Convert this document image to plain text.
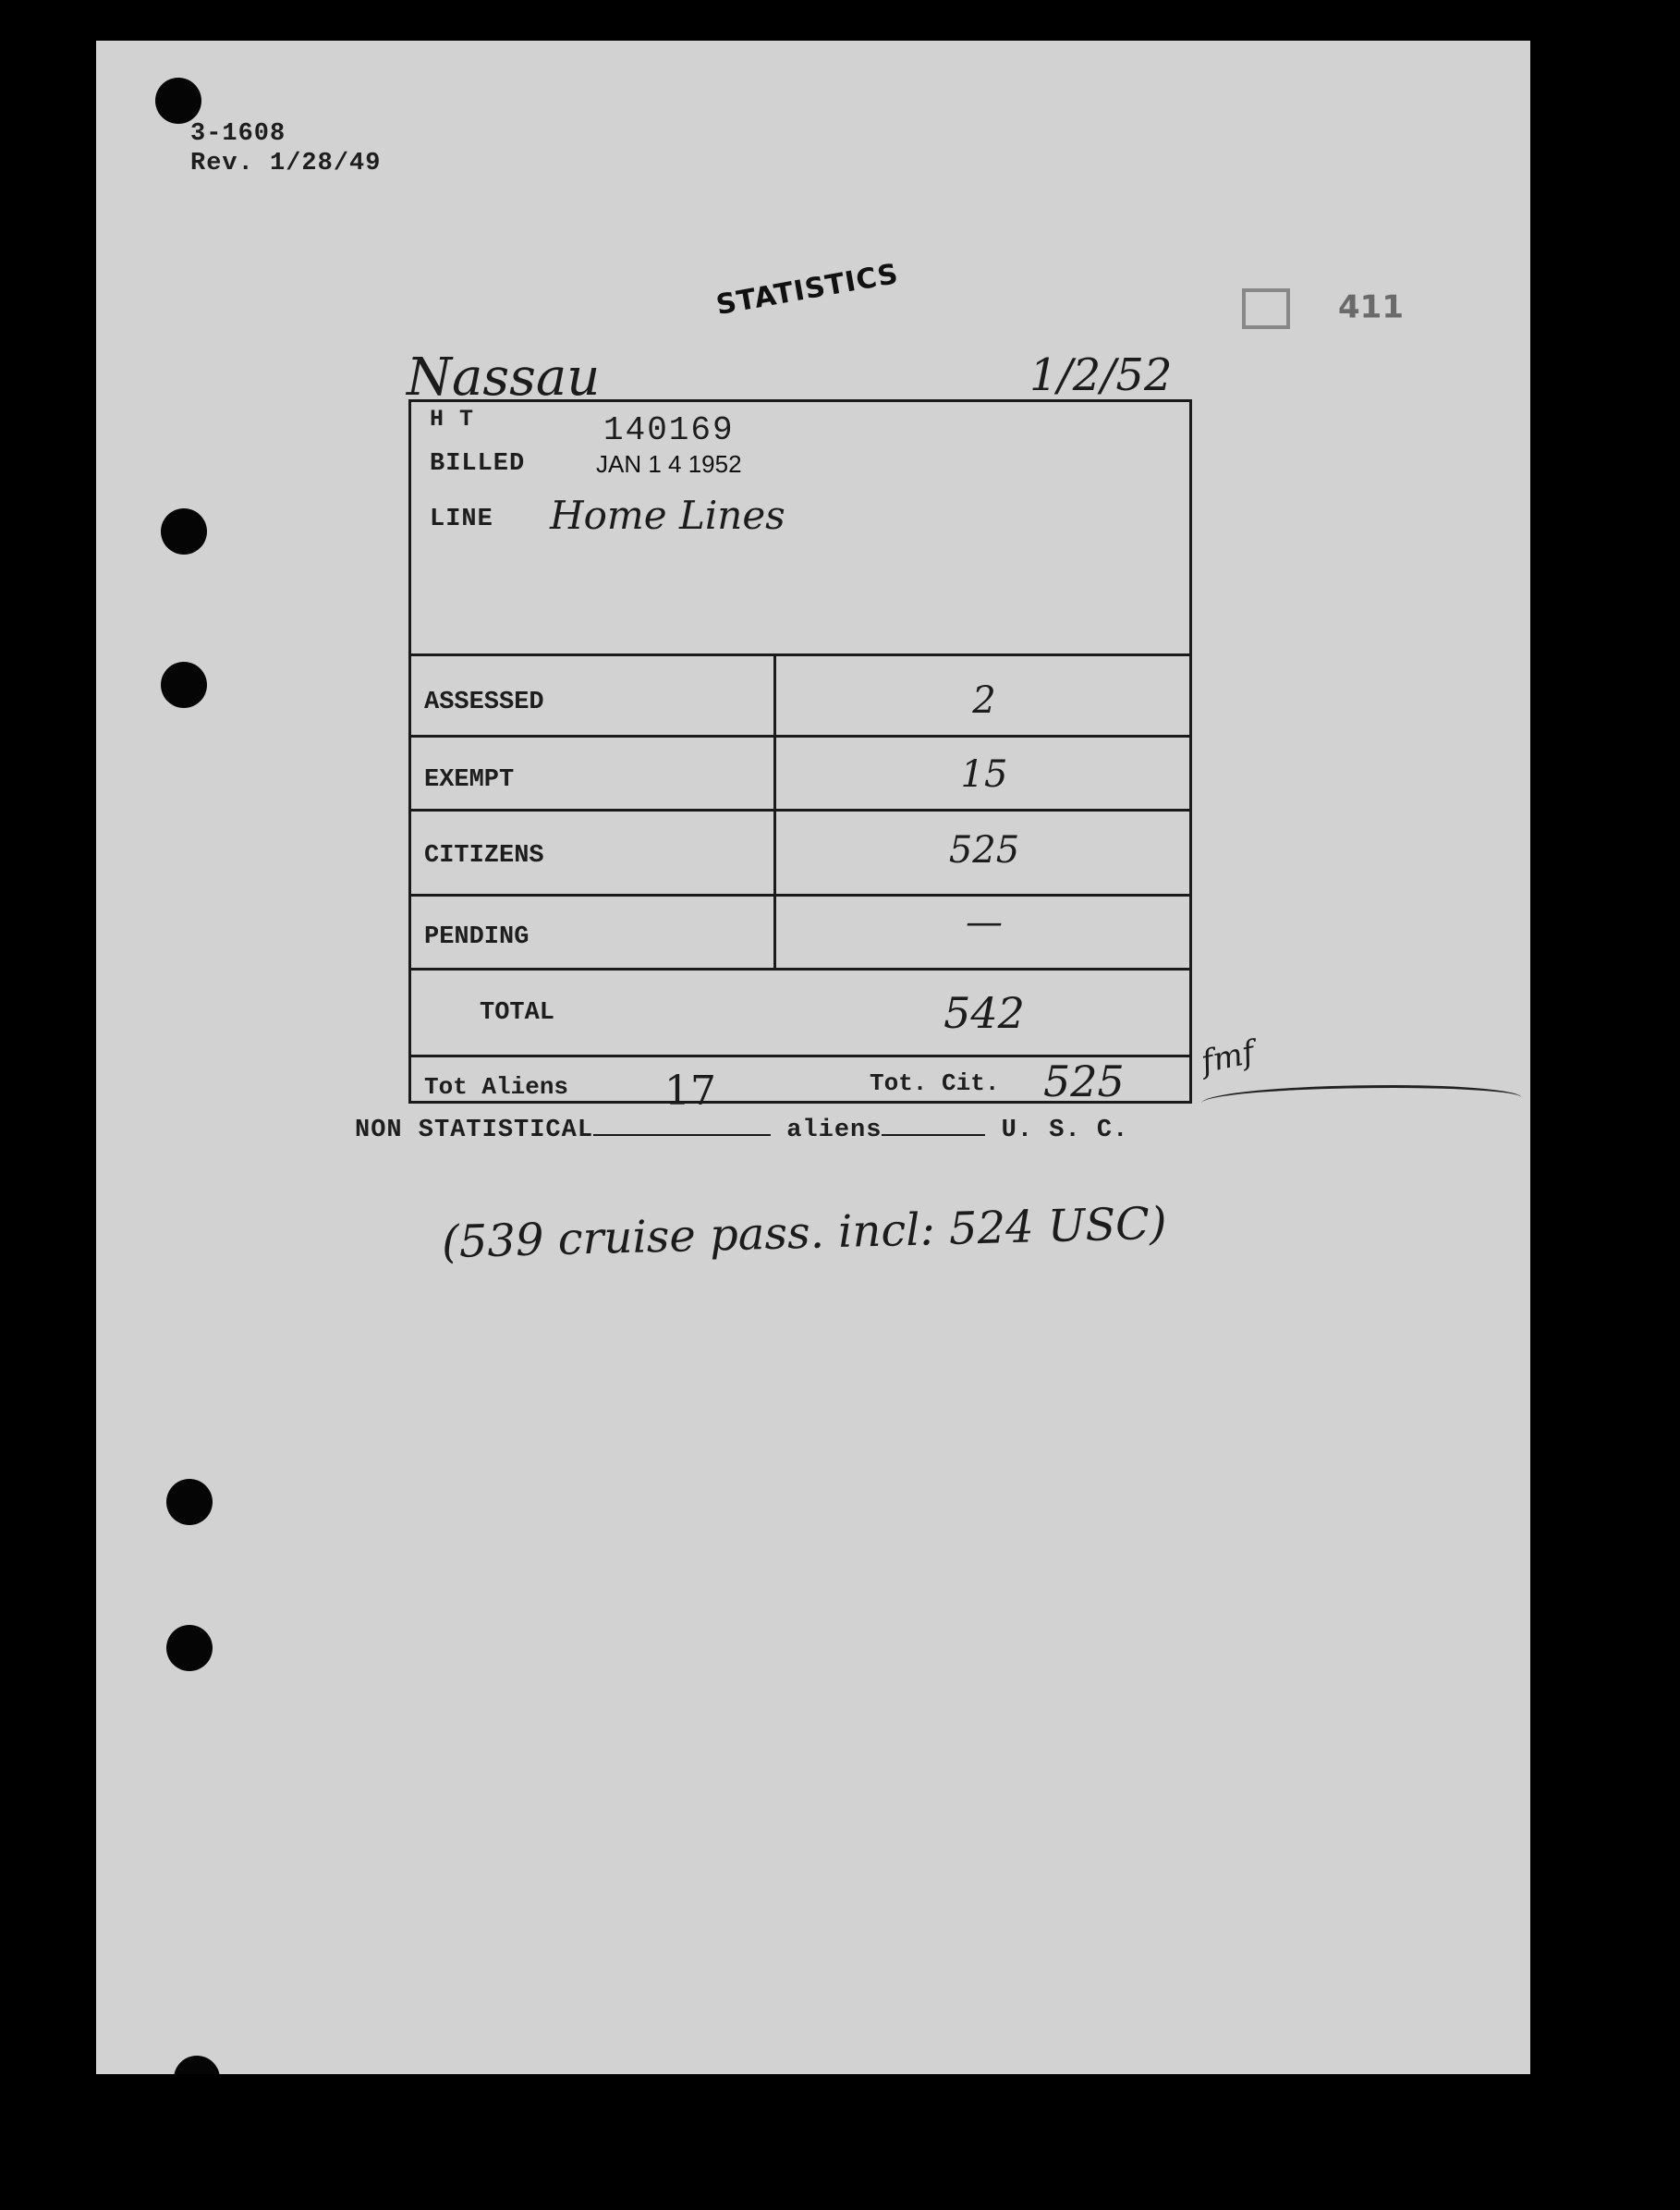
3-1608
Rev. 1/28/49
STATISTICS	411
Nassau	1/2/52
H T	140169
BILLED	JAN 1 4 1952
LINE Home Lines
ASSESSED	2
EXEMPT	15
CITIZENS	525
PENDING	—
TOTAL	542
Tot Aliens 17	Tot. Cit. 525 fmf
NON STATISTICAL	aliens	U. S. C.
(539 cruise pass. incl: 524 USC)
